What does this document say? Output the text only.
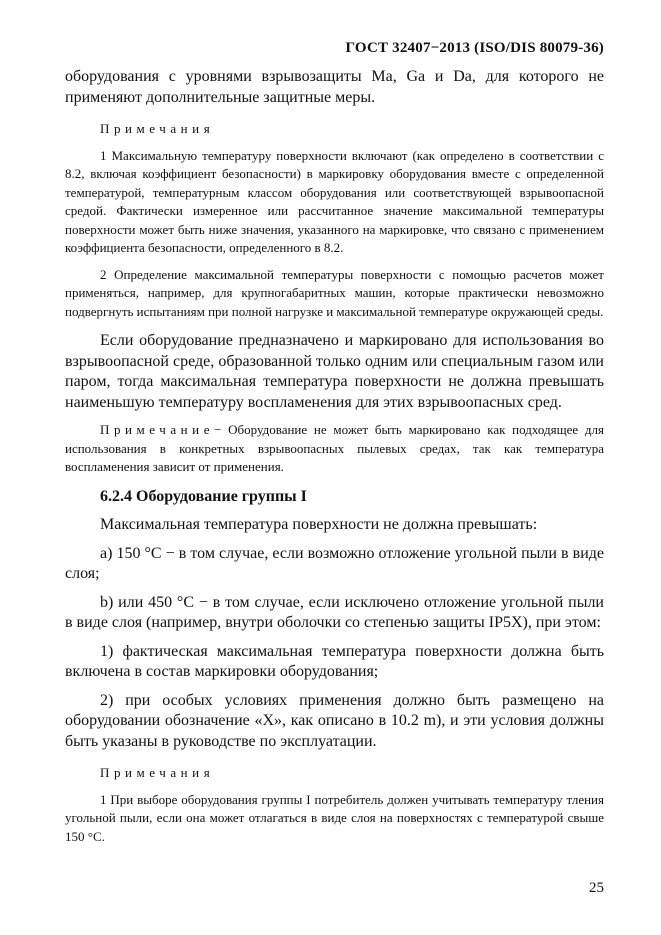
ГОСТ 32407−2013 (ISO/DIS 80079-36)

оборудования с уровнями взрывозащиты Ma, Ga и Da, для которого не применяют дополнительные защитные меры.

Примечания

1 Максимальную температуру поверхности включают (как определено в соответствии с 8.2, включая коэффициент безопасности) в маркировку оборудования вместе с определенной температурой, температурным классом оборудования или соответствующей взрывоопасной средой. Фактически измеренное или рассчитанное значение максимальной температуры поверхности может быть ниже значения, указанного на маркировке, что связано с применением коэффициента безопасности, определенного в 8.2.

2 Определение максимальной температуры поверхности с помощью расчетов может применяться, например, для крупногабаритных машин, которые практически невозможно подвергнуть испытаниям при полной нагрузке и максимальной температуре окружающей среды.

Если оборудование предназначено и маркировано для использования во взрывоопасной среде, образованной только одним или специальным газом или паром, тогда максимальная температура поверхности не должна превышать наименьшую температуру воспламенения для этих взрывоопасных сред.

Примечание− Оборудование не может быть маркировано как подходящее для использования в конкретных взрывоопасных пылевых средах, так как температура воспламенения зависит от применения.

6.2.4 Оборудование группы I

Максимальная температура поверхности не должна превышать:

a) 150 °C − в том случае, если возможно отложение угольной пыли в виде слоя;

b) или 450 °C − в том случае, если исключено отложение угольной пыли в виде слоя (например, внутри оболочки со степенью защиты IP5X), при этом:

1) фактическая максимальная температура поверхности должна быть включена в состав маркировки оборудования;

2) при особых условиях применения должно быть размещено на оборудовании обозначение «Х», как описано в 10.2 m), и эти условия должны быть указаны в руководстве по эксплуатации.

Примечания

1 При выборе оборудования группы I потребитель должен учитывать температуру тления угольной пыли, если она может отлагаться в виде слоя на поверхностях с температурой свыше 150 °C.

25
